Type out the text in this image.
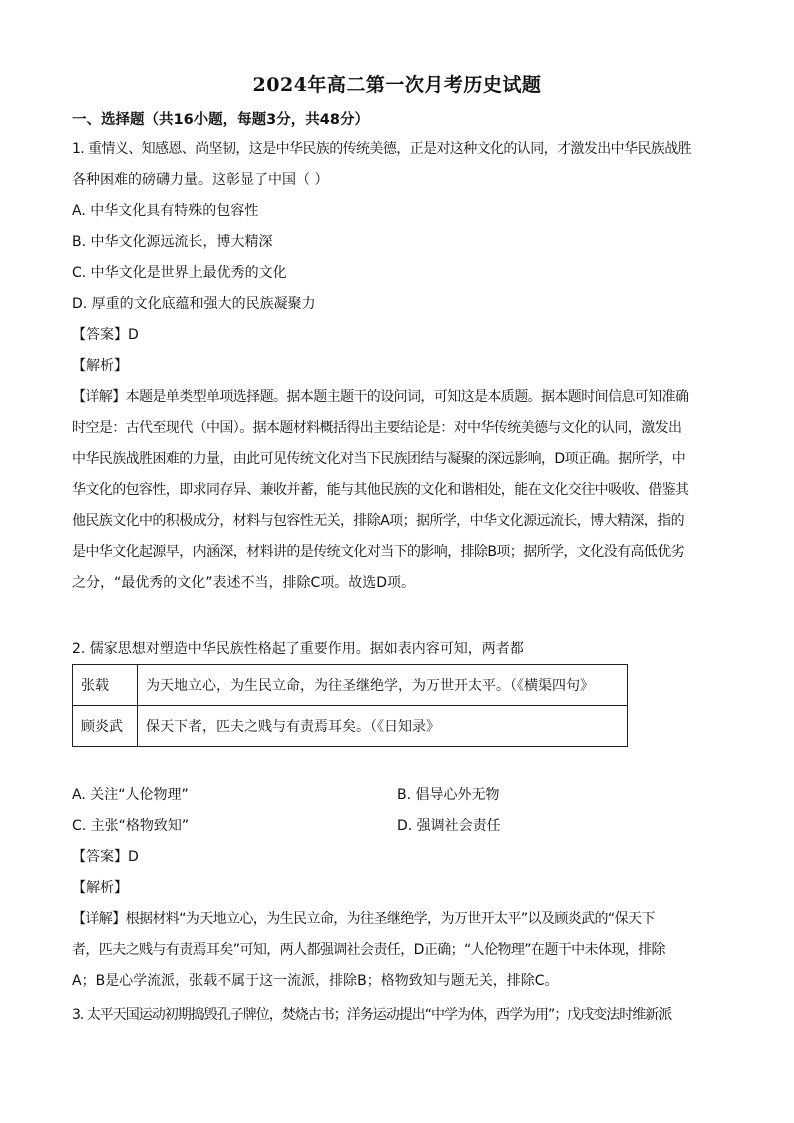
2024年高二第一次月考历史试题
一、选择题（共16小题，每题3分，共48分）
1. 重情义、知感恩、尚坚韧，这是中华民族的传统美德，正是对这种文化的认同，才激发出中华民族战胜
各种困难的磅礴力量。这彰显了中国（ ）
A. 中华文化具有特殊的包容性
B. 中华文化源远流长，博大精深
C. 中华文化是世界上最优秀的文化
D. 厚重的文化底蕴和强大的民族凝聚力
【答案】D
【解析】
【详解】本题是单类型单项选择题。据本题主题干的设问词，可知这是本质题。据本题时间信息可知准确
时空是：古代至现代（中国）。据本题材料概括得出主要结论是：对中华传统美德与文化的认同，激发出
中华民族战胜困难的力量，由此可见传统文化对当下民族团结与凝聚的深远影响，D项正确。据所学，中
华文化的包容性，即求同存异、兼收并蓄，能与其他民族的文化和谐相处，能在文化交往中吸收、借鉴其
他民族文化中的积极成分，材料与包容性无关，排除A项；据所学，中华文化源远流长，博大精深，指的
是中华文化起源早，内涵深，材料讲的是传统文化对当下的影响，排除B项；据所学，文化没有高低优劣
之分，“最优秀的文化”表述不当，排除C项。故选D项。
2. 儒家思想对塑造中华民族性格起了重要作用。据如表内容可知，两者都
张载	为天地立心，为生民立命，为往圣继绝学，为万世开太平。（《横渠四句》
顾炎武	保天下者，匹夫之贱与有责焉耳矣。（《日知录》
A. 关注“人伦物理”	B. 倡导心外无物
C. 主张“格物致知”	D. 强调社会责任
【答案】D
【解析】
【详解】根据材料“为天地立心，为生民立命，为往圣继绝学，为万世开太平”以及顾炎武的“保天下
者，匹夫之贱与有责焉耳矣”可知，两人都强调社会责任，D正确；“人伦物理”在题干中未体现，排除
A；B是心学流派，张载不属于这一流派，排除B；格物致知与题无关，排除C。
3. 太平天国运动初期捣毁孔子牌位，焚烧古书；洋务运动提出“中学为体，西学为用”；戊戌变法时维新派
